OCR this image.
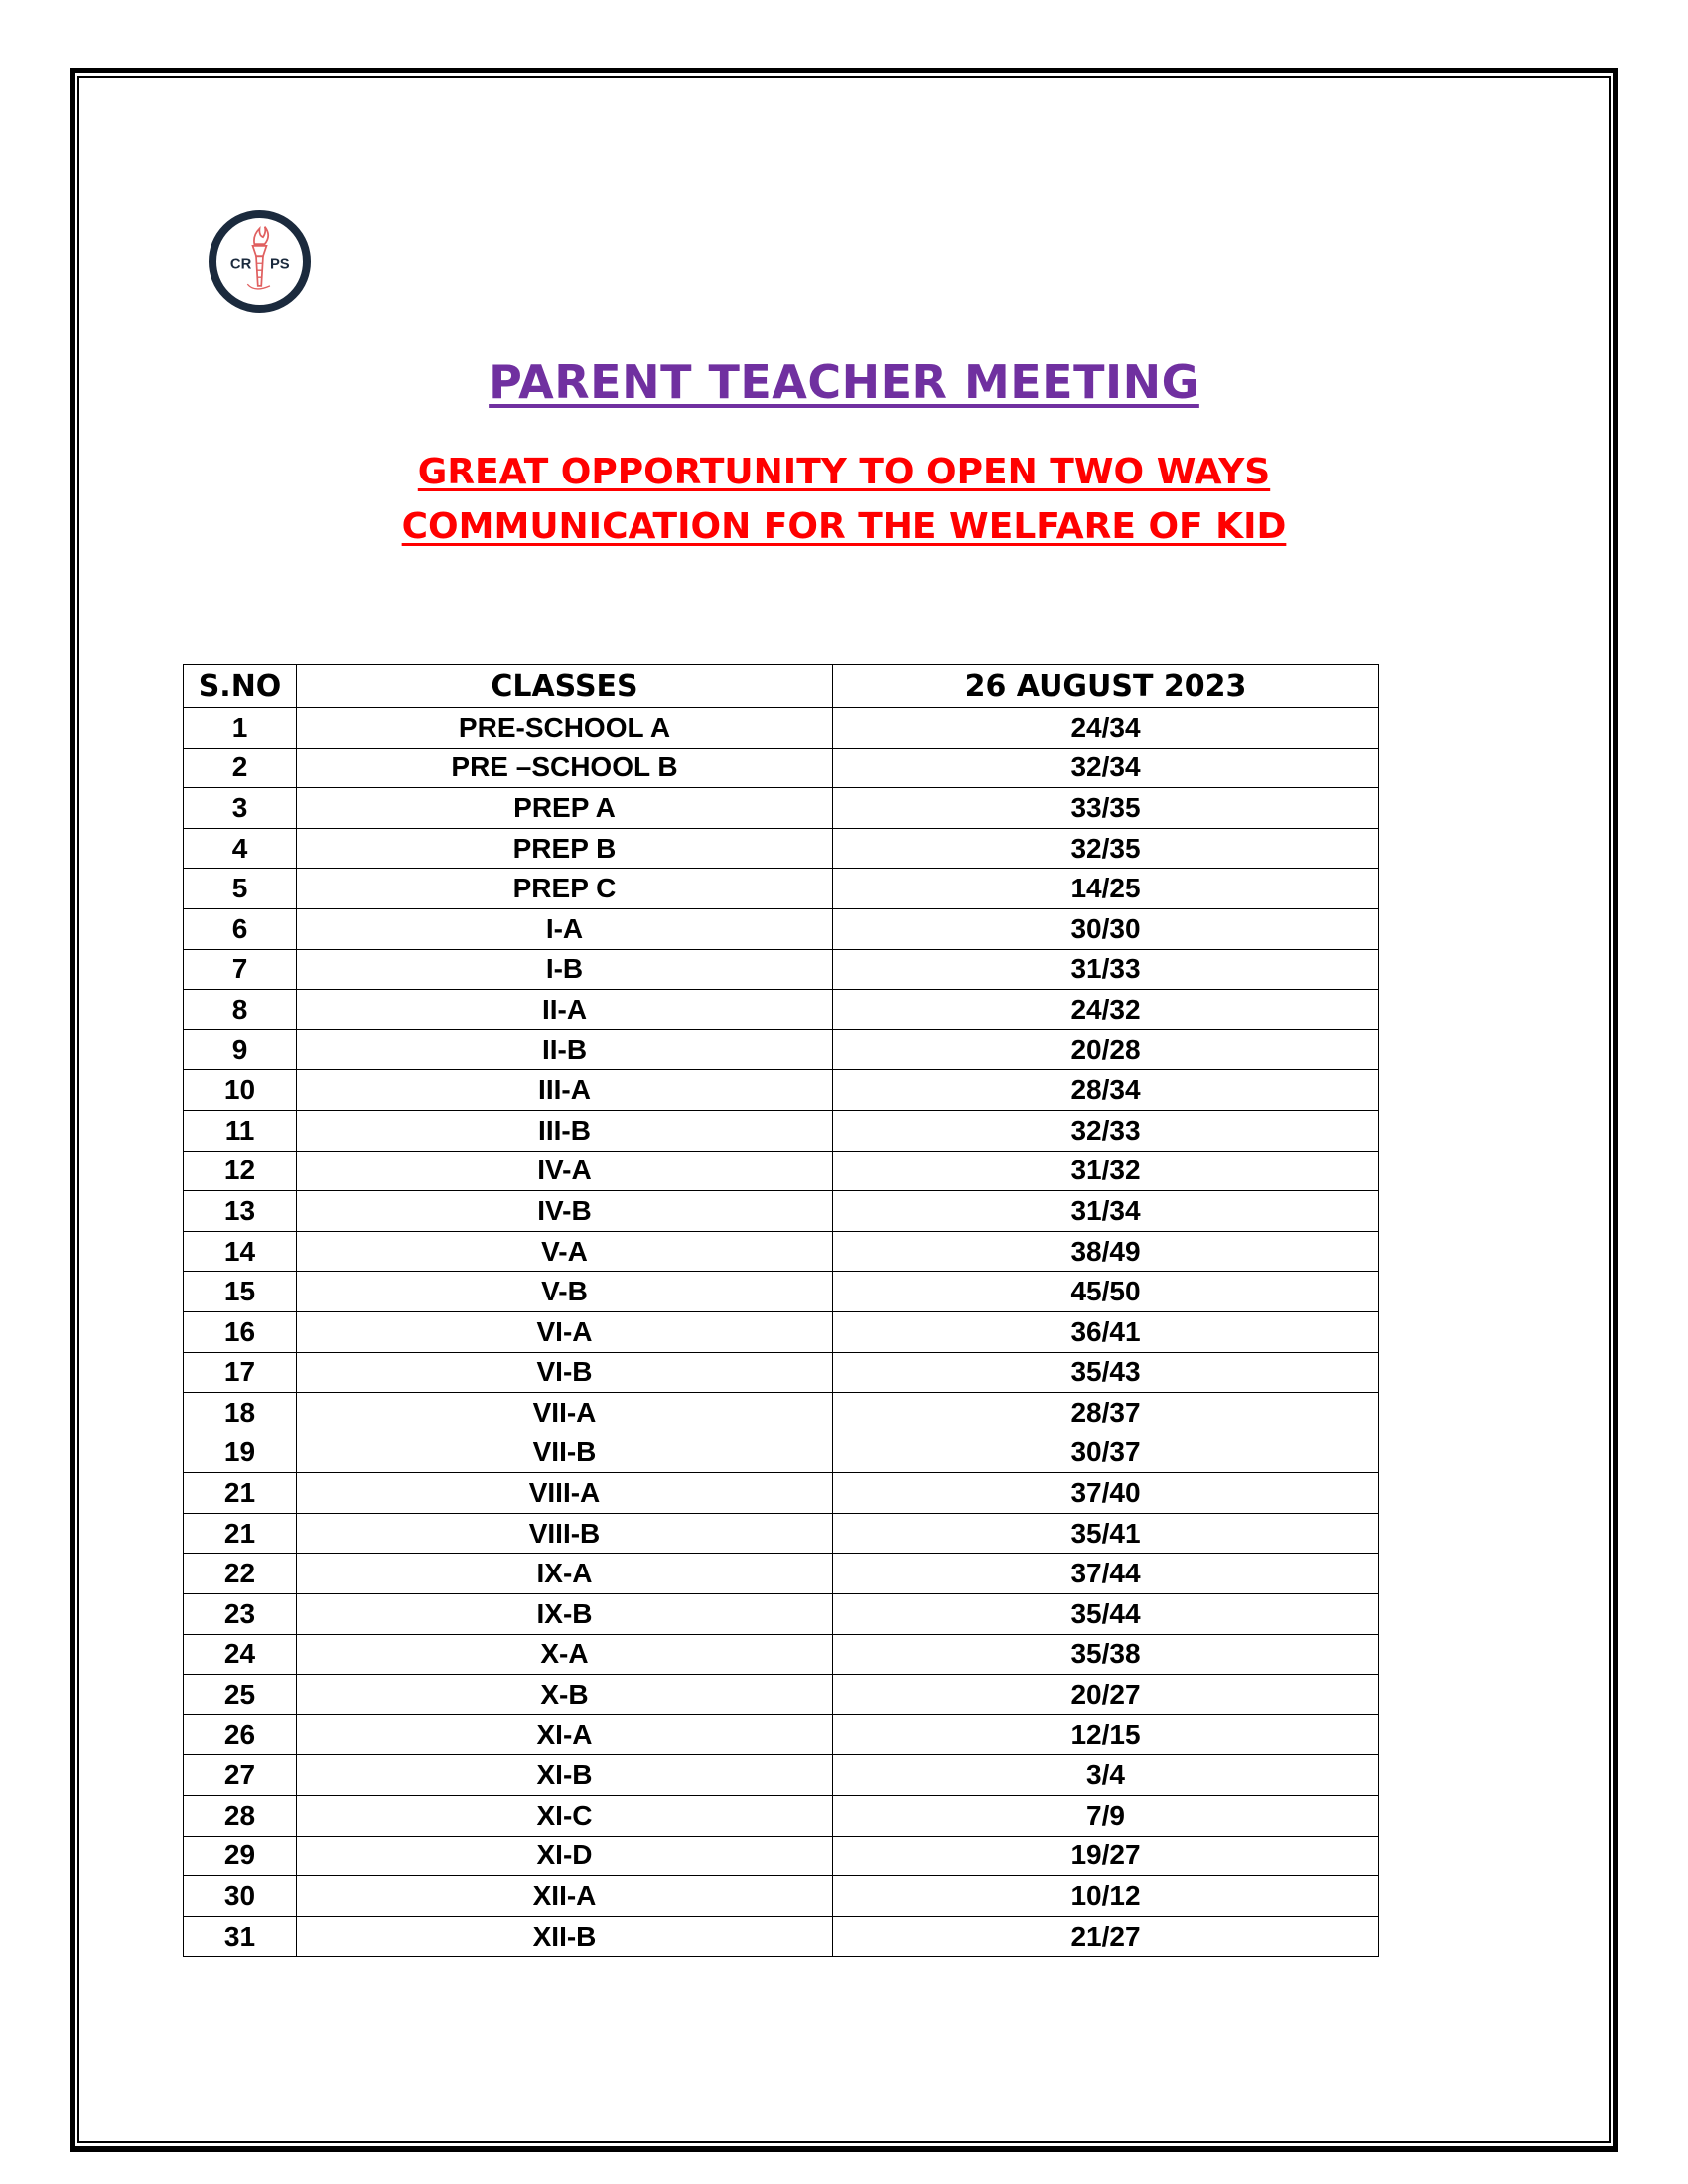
CR PS
PARENT TEACHER MEETING
GREAT OPPORTUNITY TO OPEN TWO WAYS
COMMUNICATION FOR THE WELFARE OF KID
S.NO	CLASSES	26 AUGUST 2023
1	PRE-SCHOOL A	24/34
2	PRE –SCHOOL B	32/34
3	PREP A	33/35
4	PREP B	32/35
5	PREP C	14/25
6	I-A	30/30
7	I-B	31/33
8	II-A	24/32
9	II-B	20/28
10	III-A	28/34
11	III-B	32/33
12	IV-A	31/32
13	IV-B	31/34
14	V-A	38/49
15	V-B	45/50
16	VI-A	36/41
17	VI-B	35/43
18	VII-A	28/37
19	VII-B	30/37
21	VIII-A	37/40
21	VIII-B	35/41
22	IX-A	37/44
23	IX-B	35/44
24	X-A	35/38
25	X-B	20/27
26	XI-A	12/15
27	XI-B	3/4
28	XI-C	7/9
29	XI-D	19/27
30	XII-A	10/12
31	XII-B	21/27
